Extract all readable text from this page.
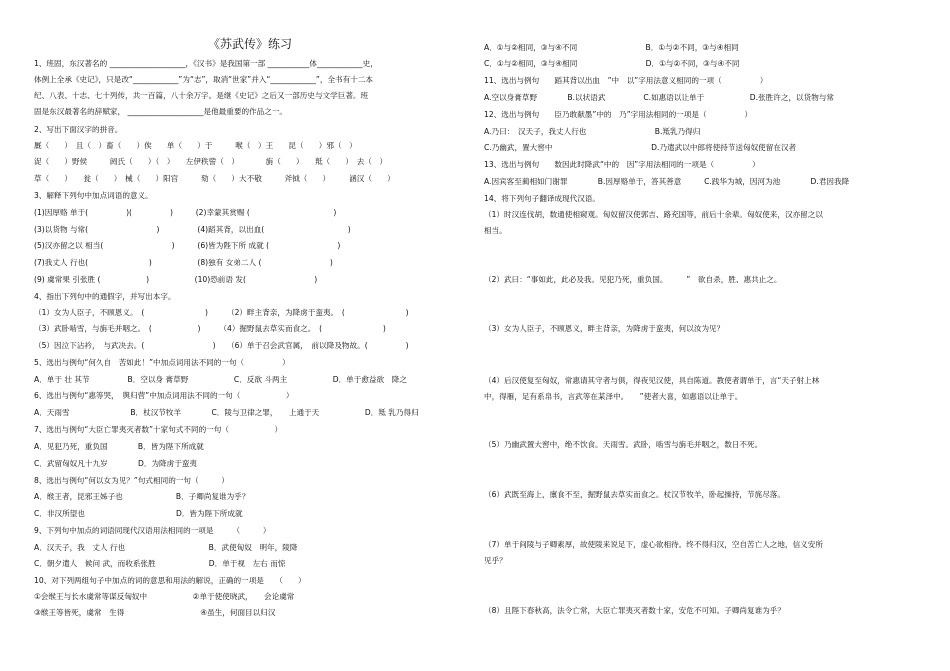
《苏武传》练习
1、班固，东汉著名的 ____________________，《汉书》是我国第一部 ___________体____________史，
体例上全承《史记》，只是改“____________”为“志”，取消“世家”并入“____________”，全书有十二本
纪、八表、十志、七十列传，共一百篇，八十余万字。是继《史记》之后又一部历史与文学巨著。班
固是东汉最著名的辞赋家， ____________________是他最重要的作品之一。
2、写出下面汉字的拼音。
厩（　　）　且（　）畜（　　）俟　　单（　　）于　　　喉（　）王　　昆（　　）邪（　）
浞（　　）野侯　　　阏氏（　　）（　）　　左伊秩訾（　）　　　　旃（　　）　　羝（　　）　去（　）
草（　　）　　瓮（　　）　械（　　）阳宫　　　劾（　　）大不敬　　　斧钺（　　）　　　涵汉（　　）
3、解释下列句中加点词语的意义。
(1)因厚赂 单于(　　　　　)(　　　　　)　　　(2)幸蒙其赏赐 (　　　　　　　　　　　)
(3)以货物 与常(　　　　　　　　　)　　　　　(4)蹈其背，以出血(　　　　　　　　　　　)
(5)汉亦留之以 相当(　　　　　　　　　)　　　(6)皆为陛下所 成就 (　　　　　　　　　)
(7)我丈人 行也(　　　　　　　　)　　　　　　(8)独有 女弟二人 (　　　　　　　　　)
(9) 虞常果 引张胜 (　　　　　　)　　　　　　(10)恐前语 发(　　　　　　　　　)
4、指出下列句中的通假字，并写出本字。
（1）女为人臣子，不顾恩义。　(　　　　　　　　)　　　（2）畔主背亲，为降虏于蛮夷。　(　　　　　　　　)
（3）武卧啮雪，与旃毛并咽之。　(　　　　　　)　　　（4）掘野鼠去草实而食之。　(　　　　　　　　)
（5）因泣下沾衿，　与武决去。(　　　　　　　　　)　　（6）单于召会武官属，　前以降及物故。(　　　　　)
5、选出与例句“何久自　苦如此！”中加点词用法不同的一句（　　　　　）
A．单于 壮 其节　　　　　B．空以身 膏草野　　　　　　C．反欲 斗两主　　　　　　D．单于愈益欲　降之
6、选出与例句“惠等哭，　舆归营”中加点词用法不同的一句（　　　　　　）
A．天雨雪　　　　　　　　B．杖汉节牧羊　　　　C．陵与卫律之罪，　　上通于天　　　　　　D．羝 乳乃得归
7、选出与例句“大臣亡罪夷灭者数”十家句式不同的一句（　　　　　　）
A．见犯乃死，重负国　　　　B．皆为陛下所成就
C．武留匈奴凡十九岁　　　　D．为降虏于蛮夷
8、选出与例句“何以女为见？”句式相同的一句（　　　）
A．缑王者，昆邪王姊子也　　　　　　　B．子卿尚复谁为乎？
C．非汉所望也　　　　　　　　　　　　D．皆为陛下所成就
9、下列句中加点的词语同现代汉语用法相同的一项是　　　（　　　）
A．汉天子，我　丈人 行也　　　　　　　　　　　B．武使匈奴　明年，陵降
C．朝夕遣人　候问 武，而收系张胜　　　　　　　D．单于视　左右 而惊
10、对下列两组句子中加点的词的意思和用法的解说，正确的一项是　　（　　）
①会缑王与长水虞常等谋反匈奴中　　　　　　②单于使使晓武，　　会论虞常
③缑王等皆死，虞常　生得　　　　　　　　　　④虽生，何面目以归汉
A．①与②相同，③与④不同　　　　　　　　　B．①与②不同，③与④相同
C．①与②相同，③与④相同　　　　　　　　　D．①与②不同，③与④不同
11、选出与例句　　蹈其背以出血　”中　以”字用法意义相同的一项（　　　　　）
A.空以身膏草野　　　　B.以状语武　　　　　C.如惠语以让单于　　　　　　D.张胜许之，以货物与常
12、选出与例句　　臣乃敢献墨”中的　乃”字用法相同的一项是（　　　　　）
A.乃曰：　汉天子，我丈人行也　　　　　　　　　B.羝乳乃得归
C.乃幽武，置大窖中　　　　　　　　　　　　　D.乃遣武以中郎将使持节送匈奴使留在汉者
13、选出与例句　　数因此时降武“中的　因”字用法相同的一项是（　　　　　）
A.因宾客至蔺相如门谢罪　　　　B.因厚赂单于，答其善意　　　C.践华为城，因河为池　　　　D.君因我降
14、将下列句子翻译成现代汉语。
（1）时汉连伐胡，数通使相窥观。匈奴留汉使郭吉、路充国等，前后十余辈。匈奴使来，汉亦留之以
相当。
（2）武曰：“事如此，此必及我。见犯乃死，重负国。　　　”　欲自杀，胜、惠共止之。
（3）女为人臣子，不顾恩义，畔主背亲，为降虏于蛮夷，何以汝为见？
（4）后汉使复至匈奴，常惠请其守者与俱，得夜见汉使，具自陈道。教使者谓单于，言“天子射上林
中，得雁，足有系帛书，言武等在某泽中。　　”使者大喜，如惠语以让单于。
（5）乃幽武置大窖中，绝不饮食。天雨雪。武卧，啮雪与旃毛并咽之，数日不死。
（6）武既至海上，廪食不至，掘野鼠去草实而食之。杖汉节牧羊，卧起操持，节旄尽落。
（7）单于间陵与子卿素厚，故使陵来说足下，虚心欲相待。终不得归汉，空自苦亡人之地，信义安所
见乎？
（8）且陛下春秋高，法令亡常，大臣亡罪夷灭者数十家，安危不可知。子卿尚复谁为乎？
